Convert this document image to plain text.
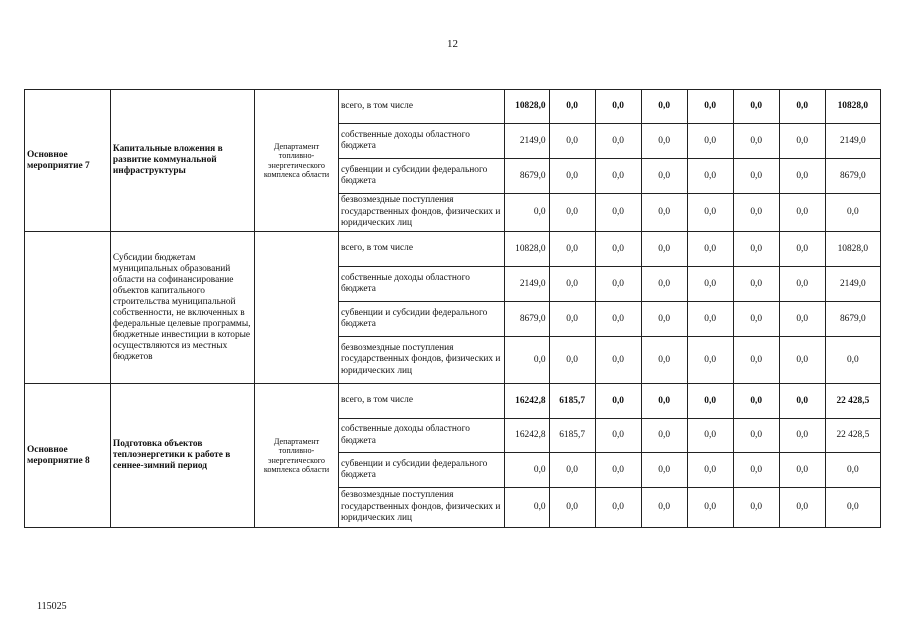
12
Основное мероприятие 7	Капитальные вложения в развитие коммунальной инфраструктуры	Департамент топливно-энергетического комплекса области	всего, в том числе	10828,0	0,0	0,0	0,0	0,0	0,0	0,0	10828,0
			собственные доходы областного бюджета	2149,0	0,0	0,0	0,0	0,0	0,0	0,0	2149,0
			субвенции и субсидии федерального бюджета	8679,0	0,0	0,0	0,0	0,0	0,0	0,0	8679,0
			безвозмездные поступления государственных фондов, физических и юридических лиц	0,0	0,0	0,0	0,0	0,0	0,0	0,0	0,0
	Субсидии бюджетам муниципальных образований области на софинансирование объектов капитального строительства муниципальной собственности, не включенных в федеральные целевые программы, бюджетные инвестиции в которые осуществляются из местных бюджетов		всего, в том числе	10828,0	0,0	0,0	0,0	0,0	0,0	0,0	10828,0
			собственные доходы областного бюджета	2149,0	0,0	0,0	0,0	0,0	0,0	0,0	2149,0
			субвенции и субсидии федерального бюджета	8679,0	0,0	0,0	0,0	0,0	0,0	0,0	8679,0
			безвозмездные поступления государственных фондов, физических и юридических лиц	0,0	0,0	0,0	0,0	0,0	0,0	0,0	0,0
Основное мероприятие 8	Подготовка объектов теплоэнергетики к работе в сеннее-зимний период	Департамент топливно-энергетического комплекса области	всего, в том числе	16242,8	6185,7	0,0	0,0	0,0	0,0	0,0	22 428,5
			собственные доходы областного бюджета	16242,8	6185,7	0,0	0,0	0,0	0,0	0,0	22 428,5
			субвенции и субсидии федерального бюджета	0,0	0,0	0,0	0,0	0,0	0,0	0,0	0,0
			безвозмездные поступления государственных фондов, физических и юридических лиц	0,0	0,0	0,0	0,0	0,0	0,0	0,0	0,0
115025
